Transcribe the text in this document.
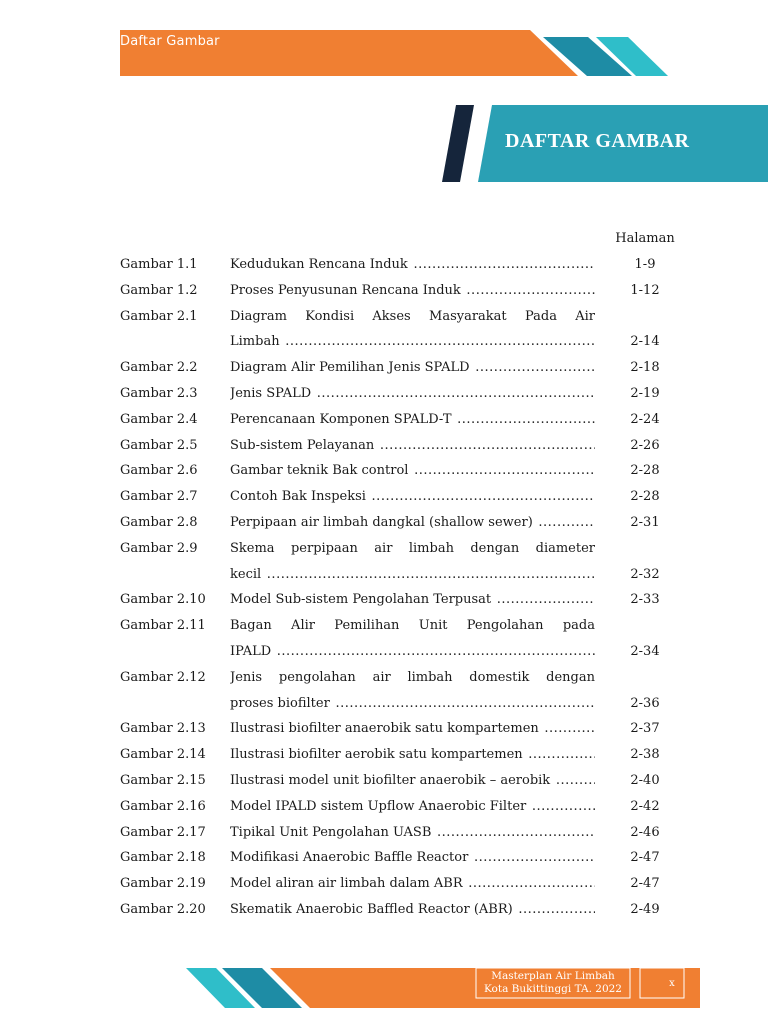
Daftar Gambar
DAFTAR GAMBAR
Halaman
Gambar 1.1 Kedudukan Rencana Induk .....	1-9
Gambar 1.2 Proses Penyusunan Rencana Induk .....	1-12
Gambar 2.1 Diagram Kondisi Akses Masyarakat Pada Air
Limbah .....	2-14
Gambar 2.2 Diagram Alir Pemilihan Jenis SPALD .....	2-18
Gambar 2.3 Jenis SPALD .....	2-19
Gambar 2.4 Perencanaan Komponen SPALD-T .....	2-24
Gambar 2.5 Sub-sistem Pelayanan .....	2-26
Gambar 2.6 Gambar teknik Bak control .....	2-28
Gambar 2.7 Contoh Bak Inspeksi .....	2-28
Gambar 2.8 Perpipaan air limbah dangkal (shallow sewer) .....	2-31
Gambar 2.9 Skema perpipaan air limbah dengan diameter
kecil .....	2-32
Gambar 2.10 Model Sub-sistem Pengolahan Terpusat .....	2-33
Gambar 2.11 Bagan Alir Pemilihan Unit Pengolahan pada
IPALD .....	2-34
Gambar 2.12 Jenis pengolahan air limbah domestik dengan
proses biofilter .....	2-36
Gambar 2.13 Ilustrasi biofilter anaerobik satu kompartemen .....	2-37
Gambar 2.14 Ilustrasi biofilter aerobik satu kompartemen .....	2-38
Gambar 2.15 Ilustrasi model unit biofilter anaerobik – aerobik .....	2-40
Gambar 2.16 Model IPALD sistem Upflow Anaerobic Filter .....	2-42
Gambar 2.17 Tipikal Unit Pengolahan UASB .....	2-46
Gambar 2.18 Modifikasi Anaerobic Baffle Reactor .....	2-47
Gambar 2.19 Model aliran air limbah dalam ABR .....	2-47
Gambar 2.20 Skematik Anaerobic Baffled Reactor (ABR) .....	2-49
Masterplan Air Limbah
Kota Bukittinggi TA. 2022	x
